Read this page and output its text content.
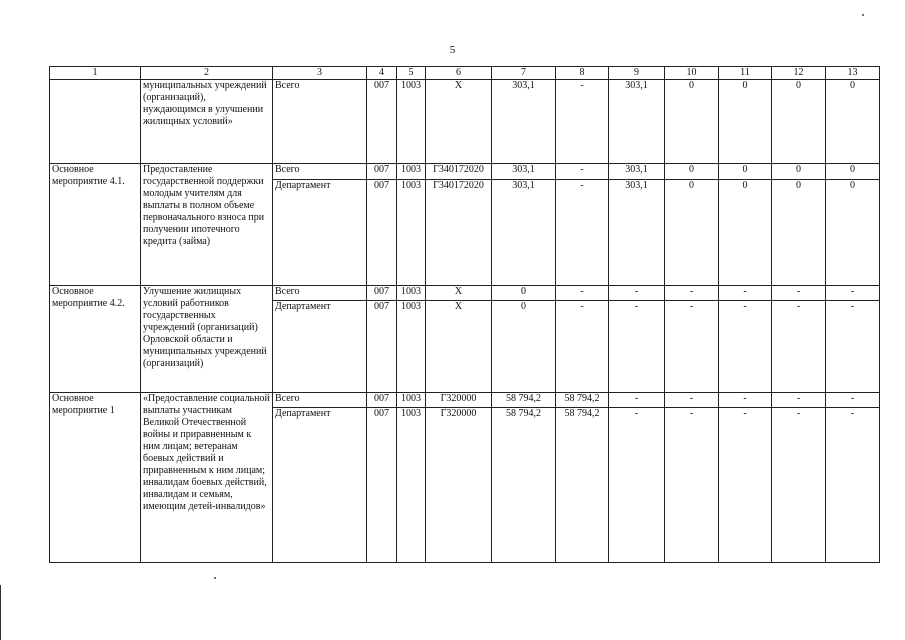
5
1	2	3	4	5	6	7	8	9	10	11	12	13
	муниципальных учреждений (организаций), нуждающимся в улучшении жилищных условий»	Всего	007	1003	Х	303,1	-	303,1	0	0	0	0
Основное мероприятие 4.1.	Предоставление государственной поддержки молодым учителям для выплаты в полном объеме первоначального взноса при получении ипотечного кредита (займа)	Всего	007	1003	Г340172020	303,1	-	303,1	0	0	0	0
		Департамент	007	1003	Г340172020	303,1	-	303,1	0	0	0	0
Основное мероприятие 4.2.	Улучшение жилищных условий работников государственных учреждений (организаций) Орловской области и муниципальных учреждений (организаций)	Всего	007	1003	Х	0	-	-	-	-	-	-
		Департамент	007	1003	Х	0	-	-	-	-	-	-
Основное мероприятие 1	«Предоставление социальной выплаты участникам Великой Отечественной войны и приравненным к ним лицам; ветеранам боевых действий и приравненным к ним лицам; инвалидам боевых действий, инвалидам и семьям, имеющим детей-инвалидов»	Всего	007	1003	Г320000	58 794,2	58 794,2	-	-	-	-	-
		Департамент	007	1003	Г320000	58 794,2	58 794,2	-	-	-	-	-
